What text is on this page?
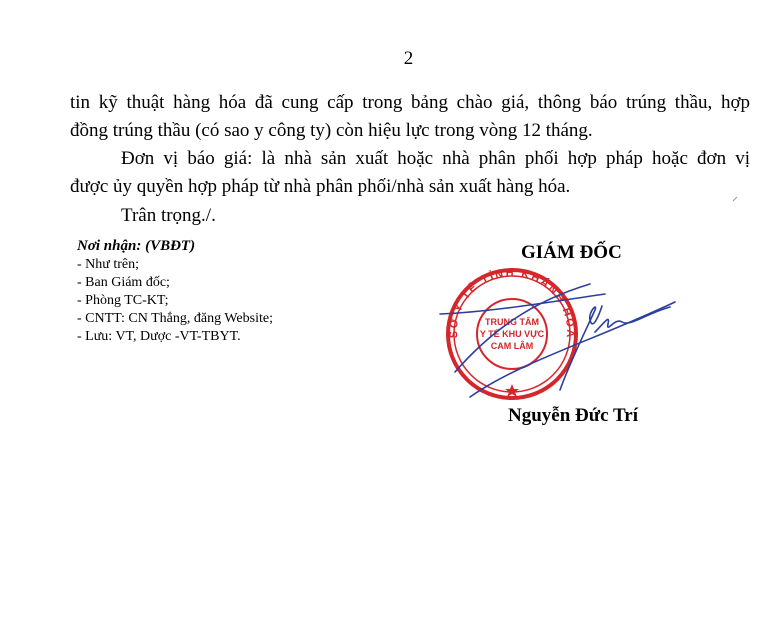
2
tin kỹ thuật hàng hóa đã cung cấp trong bảng chào giá, thông báo trúng thầu, hợp
đồng trúng thầu (có sao y công ty) còn hiệu lực trong vòng 12 tháng.
Đơn vị báo giá: là nhà sản xuất hoặc nhà phân phối hợp pháp hoặc đơn vị
được ủy quyền hợp pháp từ nhà phân phối/nhà sản xuất hàng hóa.
Trân trọng./.
Nơi nhận: (VBĐT)
- Như trên;
- Ban Giám đốc;
- Phòng TC-KT;
- CNTT: CN Thắng, đăng Website;
- Lưu: VT, Dược -VT-TBYT.
GIÁM ĐỐC
SỞ Y TẾ TỈNH KHÁNH HÒA
TRUNG TÂM
Y TẾ KHU VỰC
CAM LÂM
Nguyễn Đức Trí
